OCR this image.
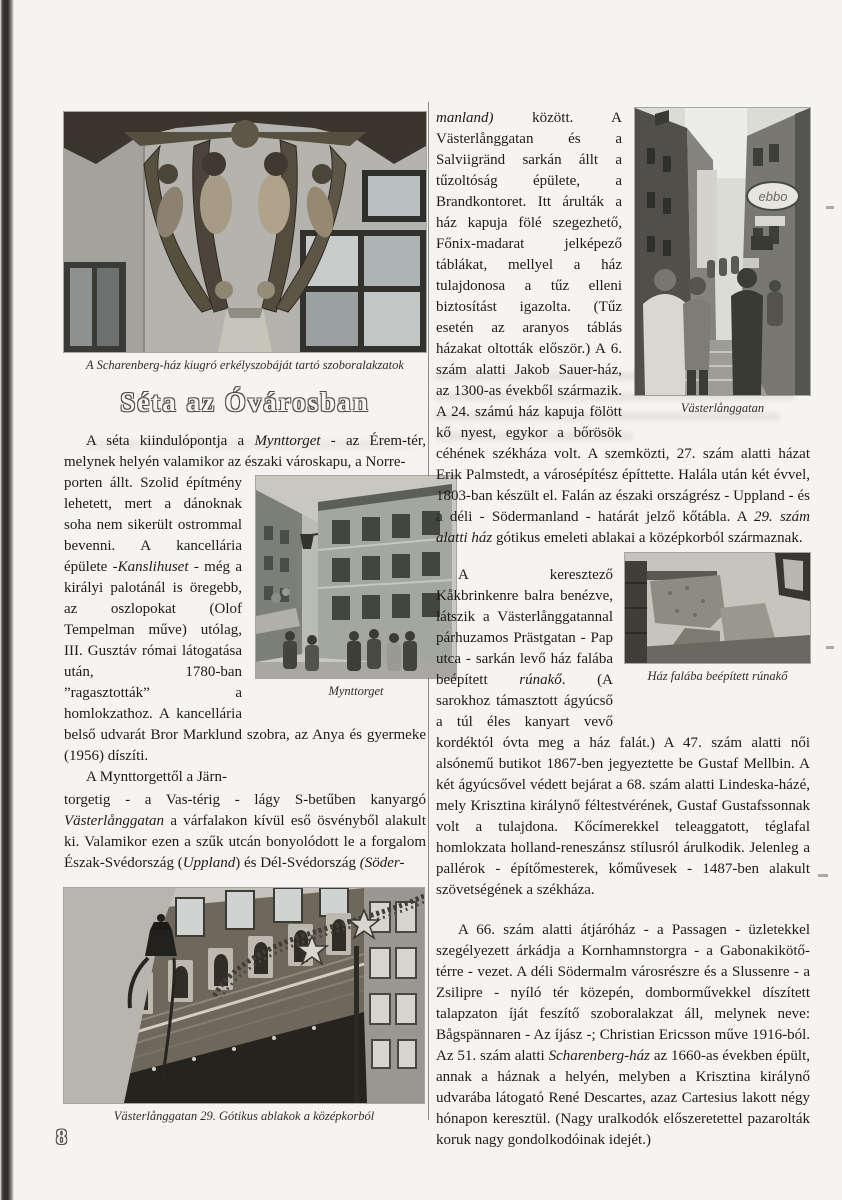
A Scharenberg-ház kiugró erkélyszobáját tartó szoboralakzatok
Séta az Óvárosban

A séta kiindulópontja a Mynttorget - az Érem-tér, melynek helyén valamikor az északi városkapu, a Norre-

Mynttorget

porten állt. Szolid építmény lehetett, mert a dánoknak soha nem sikerült ostrommal bevenni. A kancellária épülete -Kanslihuset - még a királyi palotánál is öregebb, az oszlopokat (Olof Tempelman műve) utólag, III. Gusztáv római látogatása után, 1780-ban ”ragasztották” a homlokzathoz. A kancellária belső udvarát Bror Marklund szobra, az Anya és gyermeke (1956) díszíti.

A Mynttorgettől a Järn-

torgetig - a Vas-térig - lágy S-betűben kanyargó Västerlånggatan a várfalakon kívül eső ösvényből alakult ki. Valamikor ezen a szűk utcán bonyolódott le a forgalom Észak-Svédország (Uppland) és Dél-Svédország (Söder-

Västerlånggatan 29. Gótikus ablakok a középkorból
ebbo
Västerlånggatan

manland) között. A Västerlånggatan és a Salviigränd sarkán állt a tűzoltóság épülete, a Brandkontoret. Itt árulták a ház kapuja fölé szegezhető, Főnix-madarat jelképező táblákat, mellyel a ház tulajdonosa a tűz elleni biztosítást igazolta. (Tűz esetén az aranyos táblás házakat oltották először.) A 6. szám alatti Jakob Sauer-ház, az 1300-as évekből származik. A 24. számú ház kapuja fölött kő nyest, egykor a bőrösök céhének székháza volt. A szemközti, 27. szám alatti házat Erik Palmstedt, a városépítész építtette. Halála után két évvel, 1803-ban készült el. Falán az északi országrész - Uppland - és a déli - Södermanland - határát jelző kőtábla. A 29. szám alatti ház gótikus emeleti ablakai a középkorból származnak.

Ház falába beépített rúnakő

A keresztező Kåkbrinkenre balra benézve, látszik a Västerlånggatannal párhuzamos Prästgatan - Pap utca - sarkán levő ház falába beépített rúnakő. (A sarokhoz támasztott ágyúcső a túl éles kanyart vevő kordéktól óvta meg a ház falát.) A 47. szám alatti női alsónemű butikot 1867-ben jegyeztette be Gustaf Mellbin. A két ágyúcsővel védett bejárat a 68. szám alatti Lindeska-házé, mely Krisztina királynő féltestvérének, Gustaf Gustafssonnak volt a tulajdona. Kőcímerekkel teleaggatott, téglafal homlokzata holland-reneszánsz stílusról árulkodik. Jelenleg a pallérok - építőmesterek, kőművesek - 1487-ben alakult szövetségének a székháza.

A 66. szám alatti átjáróház - a Passagen - üzletekkel szegélyezett árkádja a Kornhamnstorgra - a Gabonakikötő-térre - vezet. A déli Södermalm városrészre és a Slussenre - a Zsilipre - nyíló tér közepén, domborművekkel díszített talapzaton íját feszítő szoboralakzat áll, melynek neve: Bågspännaren - Az íjász -; Christian Ericsson műve 1916-ból. Az 51. szám alatti Scharenberg-ház az 1660-as években épült, annak a háznak a helyén, melyben a Krisztina királynő udvarába látogató René Descartes, azaz Cartesius lakott négy hónapon keresztül. (Nagy uralkodók előszeretettel pazarolták koruk nagy gondolkodóinak idejét.)

8
